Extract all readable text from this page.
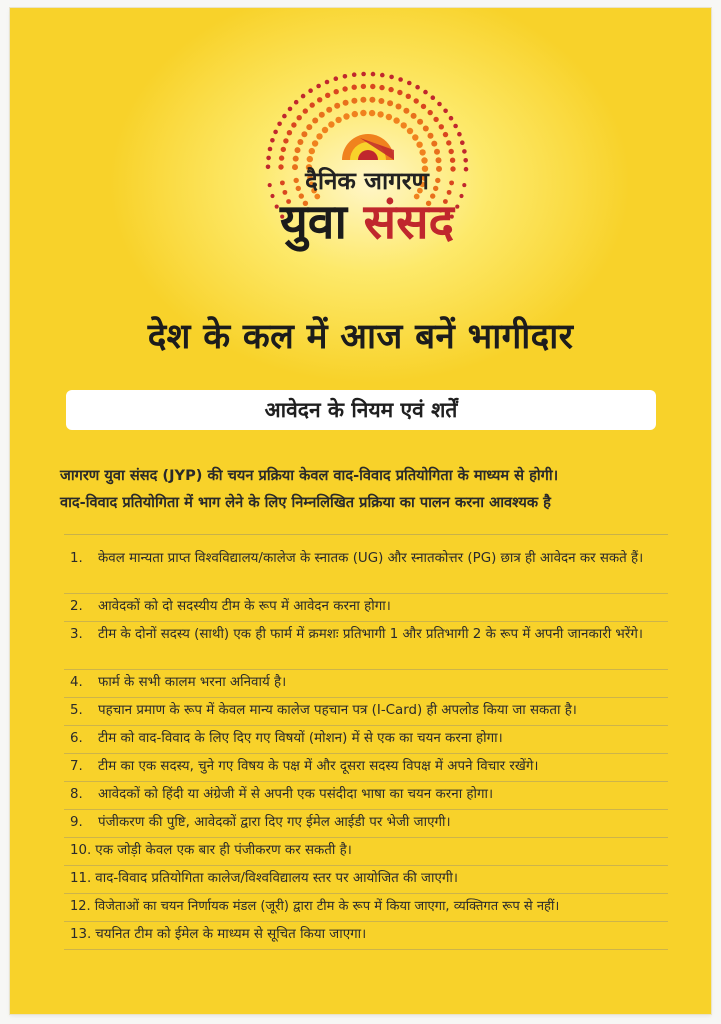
दैनिक जागरण
युवा संसद
देश के कल में आज बनें भागीदार
आवेदन के नियम एवं शर्तें
जागरण युवा संसद (JYP) की चयन प्रक्रिया केवल वाद-विवाद प्रतियोगिता के माध्यम से होगी।
वाद-विवाद प्रतियोगिता में भाग लेने के लिए निम्नलिखित प्रक्रिया का पालन करना आवश्यक है
1. केवल मान्यता प्राप्त विश्वविद्यालय/कालेज के स्नातक (UG) और स्नातकोत्तर (PG) छात्र ही आवेदन कर सकते हैं।
2. आवेदकों को दो सदस्यीय टीम के रूप में आवेदन करना होगा।
3. टीम के दोनों सदस्य (साथी) एक ही फार्म में क्रमशः प्रतिभागी 1 और प्रतिभागी 2 के रूप में अपनी जानकारी भरेंगे।
4. फार्म के सभी कालम भरना अनिवार्य है।
5. पहचान प्रमाण के रूप में केवल मान्य कालेज पहचान पत्र (I-Card) ही अपलोड किया जा सकता है।
6. टीम को वाद-विवाद के लिए दिए गए विषयों (मोशन) में से एक का चयन करना होगा।
7. टीम का एक सदस्य, चुने गए विषय के पक्ष में और दूसरा सदस्य विपक्ष में अपने विचार रखेंगे।
8. आवेदकों को हिंदी या अंग्रेजी में से अपनी एक पसंदीदा भाषा का चयन करना होगा।
9. पंजीकरण की पुष्टि, आवेदकों द्वारा दिए गए ईमेल आईडी पर भेजी जाएगी।
10. एक जोड़ी केवल एक बार ही पंजीकरण कर सकती है।
11. वाद-विवाद प्रतियोगिता कालेज/विश्वविद्यालय स्तर पर आयोजित की जाएगी।
12. विजेताओं का चयन निर्णायक मंडल (जूरी) द्वारा टीम के रूप में किया जाएगा, व्यक्तिगत रूप से नहीं।
13. चयनित टीम को ईमेल के माध्यम से सूचित किया जाएगा।
